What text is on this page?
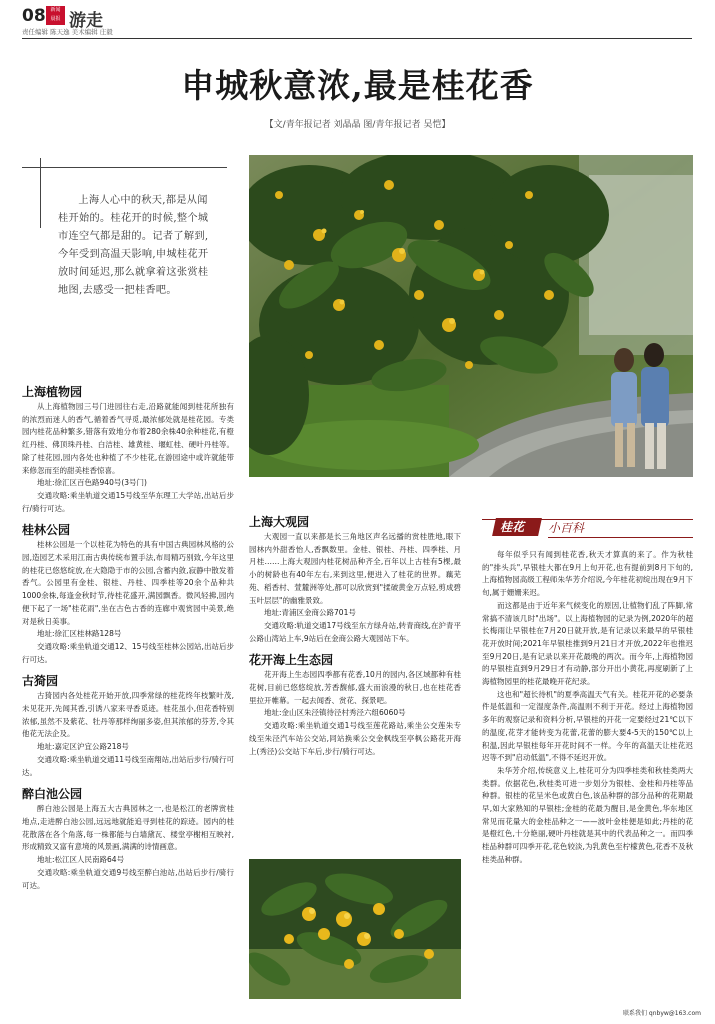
08 新闻
晨报 游走
责任编辑 陈天逸 美术编辑 庄毅
申城秋意浓,最是桂花香
【文/青年报记者 刘晶晶 图/青年报记者 吴恺】
上海人心中的秋天,都是从闻桂开始的。桂花开的时候,整个城市连空气都是甜的。记者了解到,今年受到高温天影响,申城桂花开放时间延迟,那么就拿着这张赏桂地图,去感受一把桂香吧。
上海植物园

从上海植物园三号门进园往右走,沿路就能闻到桂花所独有的浓烈而迷人的香气,循着香气寻觅,最浓郁处就是桂花园。专类园内桂花品种繁多,错落有致地分布着280余株40余种桂花,有橙红丹桂、佛顶珠丹桂、白洁桂、雄黄桂、堰虹桂、硬叶丹桂等。除了桂花园,园内各处也种植了不少桂花,在游园途中或许就能带来修忽而至的甜美桂香惊喜。

地址:徐汇区百色路940号(3号门)

交通攻略:乘坐轨道交通15号线至华东理工大学站,出站后步行/骑行可达。

桂林公园

桂林公园是一个以桂花为特色的具有中国古典园林风格的公园,造园艺术采用江南古典传统布置手法,布局精巧别致,今年这里的桂花已悠悠绽放,在大隐隐于市的公园,含蓄内敛,寂静中散发着香气。公园里有金桂、银桂、丹桂、四季桂等20余个品种共1000余株,每逢金秋时节,待桂花盛开,满园飘香。微风轻拂,园内便下起了一场"桂花雨",坐在古色古香的连廊中观赏园中美景,绝对是秋日美事。

地址:徐汇区桂林路128号

交通攻略:乘坐轨道交通12、15号线至桂林公园站,出站后步行可达。

古猗园

古猗园内各处桂花开始开放,四季常绿的桂花终年枝繁叶茂,未见花开,先闻其香,引诱八家来寻香觅迹。桂花虽小,但花香特别浓郁,虽然不及紫花、牡丹等那样绚丽多姿,但其浓郁的芬芳,令其他花无法企及。

地址:嘉定区沪宜公路218号

交通攻略:乘坐轨道交通11号线至南翔站,出站后步行/骑行可达。

醉白池公园

醉白池公园是上海五大古典园林之一,也是松江的老牌赏桂地点,走进醉白池公园,远远地就能追寻到桂花的踪迹。园内的桂花散落在各个角落,每一株都能与白墙黛瓦、楼堂亭榭相互映衬,形成精致又富有意境的风景画,满满的诗情画意。

地址:松江区人民南路64号

交通攻略:乘坐轨道交通9号线至醉白池站,出站后步行/骑行可达。

上海大观园

大观园一直以来都是长三角地区声名远播的赏桂胜地,眼下园林内外甜香怡人,香飘数里。金桂、银桂、丹桂、四季桂、月月桂……上海大观园内桂花树品种齐全,百年以上古桂有5棵,最小的树龄也有40年左右,来到这里,便进入了桂花的世界。藕芜苑、稻香村、萱麓洲等处,都可以欣赏到"揉破黄金万点轻,剪成碧玉叶层层"的幽雅景致。

地址:青浦区金商公路701号

交通攻略:轨道交通17号线至东方绿舟站,转青商线,在沪青平公路山湾站上车,9站后在金商公路大观园站下车。

花开海上生态园

花开海上生态园四季都有花香,10月的园内,各区域都种有桂花树,目前已悠悠绽放,芳香馥郁,盛大而浪漫的秋日,也在桂花香里拉开帷幕。一起去闻香、赏花、探景吧。

地址:金山区朱泾镇待泾村秀泾六组6060号

交通攻略:乘坐轨道交通1号线至莲花路站,乘坐公交莲朱专线至朱泾汽车站公交站,同站换乘公交金枫线至亭枫公路花开海上(秀泾)公交站下车后,步行/骑行可达。

桂花 小百科

每年似乎只有闻到桂花香,秋天才算真的来了。作为秋桂的"排头兵",早银桂大都在9月上旬开花,也有提前到8月下旬的,上海植物园高级工程师朱华芳介绍说,今年桂花初绽出现在9月下旬,属于姗姗来迟。

而这都是由于近年来气候变化的原因,让植物们乱了阵脚,常常搞不清该几时"出场"。以上海植物园的记录为例,2020年的超长梅雨让早银桂在7月20日就开放,是有记录以来最早的早银桂花开放时间;2021年早银桂推到9月21日才开放,2022年也推迟至9月20日,是有记录以来开花最晚的两次。而今年,上海植物园的早银桂直到9月29日才有动静,部分开出小黄花,再度刷新了上海植物园里的桂花最晚开花纪录。

这也和"超长待机"的夏季高温天气有关。桂花开花的必要条件是低温和一定湿度条件,高温则不利于开花。经过上海植物园多年的观察记录和资料分析,早银桂的开花一定要经过21℃以下的温度,花芽才能转变为花蕾,花蕾的膨大要4-5天的150℃以上积温,因此早银桂每年开花时间不一样。今年的高温天让桂花迟迟等不到"启动低温",不得不延迟开放。

朱华芳介绍,传统意义上,桂花可分为四季桂类和秋桂类两大类群。依据花色,秋桂类可进一步划分为银桂、金桂和丹桂等品种群。银桂的花呈米色或黄白色,该品种群的部分品种的花期最早,如大家熟知的早银桂;金桂的花最为醒目,是金黄色,华东地区常见而花量大的金桂品种之一——波叶金桂便是如此;丹桂的花是橙红色,十分艳丽,硬叶丹桂就是其中的代表品种之一。而四季桂品种群可四季开花,花色较淡,为乳黄色至柠檬黄色,花香不及秋桂类品种群。

联系我们 qnbyw@163.com
